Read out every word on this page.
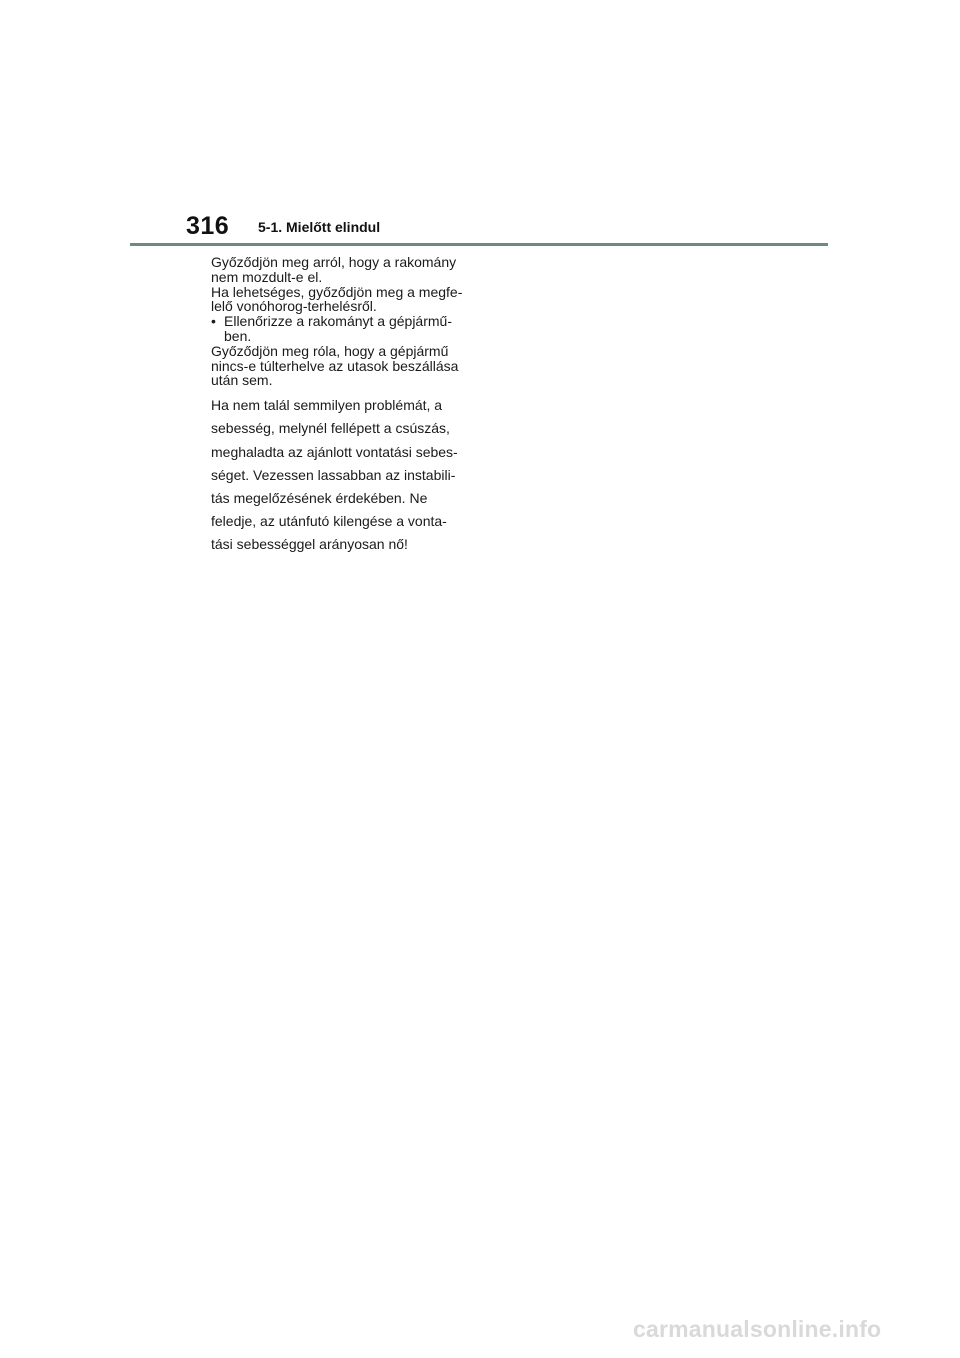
316 5-1. Mielőtt elindul

Győződjön meg arról, hogy a rakomány

nem mozdult-e el.

Ha lehetséges, győződjön meg a megfe-

lelő vonóhorog-terhelésről.

• Ellenőrizze a rakományt a gépjármű-
ben.

Győződjön meg róla, hogy a gépjármű

nincs-e túlterhelve az utasok beszállása

után sem.

Ha nem talál semmilyen problémát, a

sebesség, melynél fellépett a csúszás,

meghaladta az ajánlott vontatási sebes-

séget. Vezessen lassabban az instabili-

tás megelőzésének érdekében. Ne

feledje, az utánfutó kilengése a vonta-

tási sebességgel arányosan nő!

carmanualsonline.info
